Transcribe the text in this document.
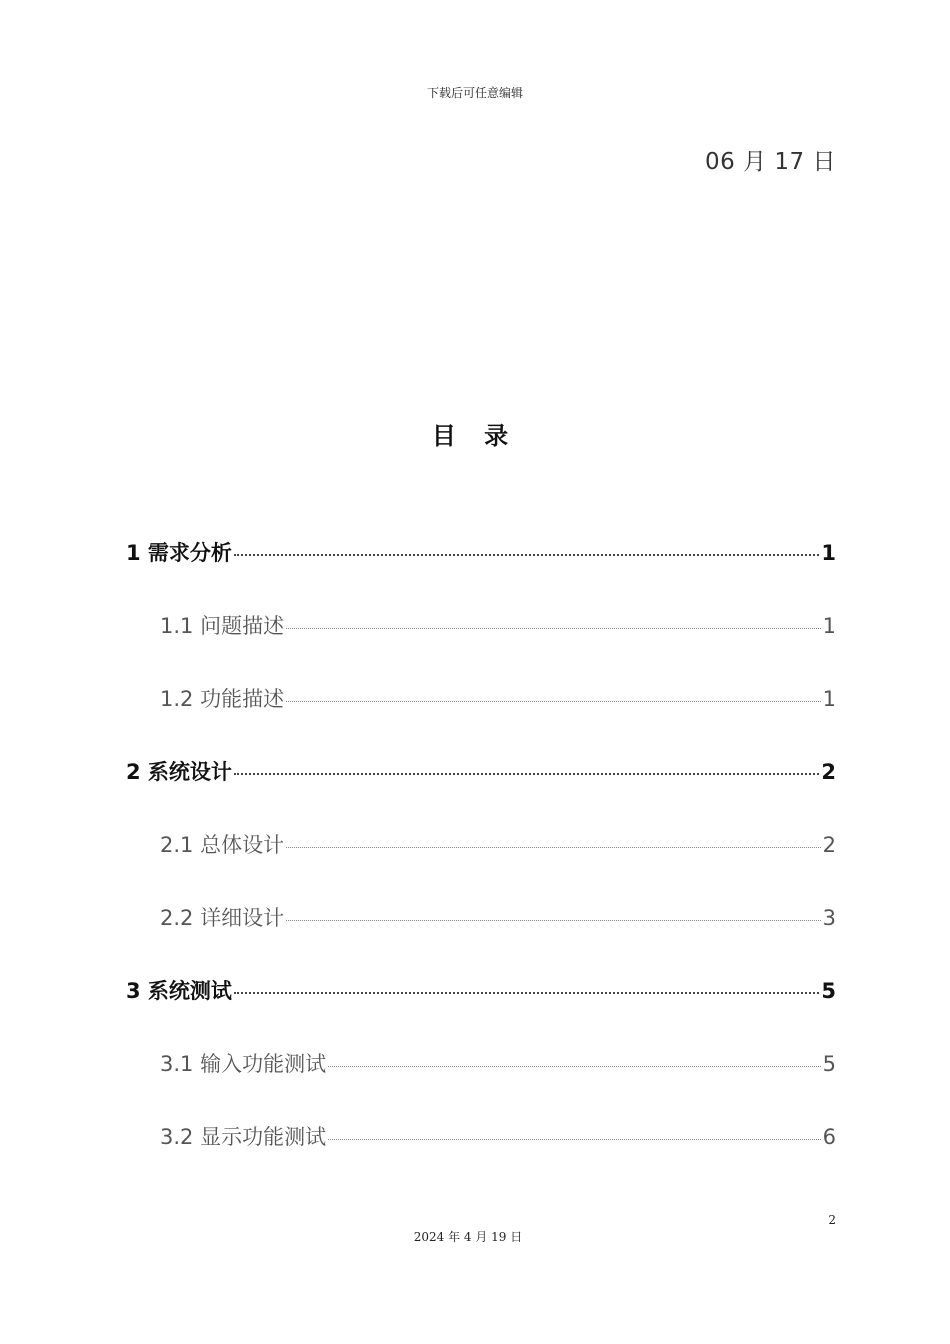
下载后可任意编辑
06 月 17 日
目 录
1 需求分析	1
1.1 问题描述	1
1.2 功能描述	1
2 系统设计	2
2.1 总体设计	2
2.2 详细设计	3
3 系统测试	5
3.1 输入功能测试	5
3.2 显示功能测试	6
2
2024 年 4 月 19 日
